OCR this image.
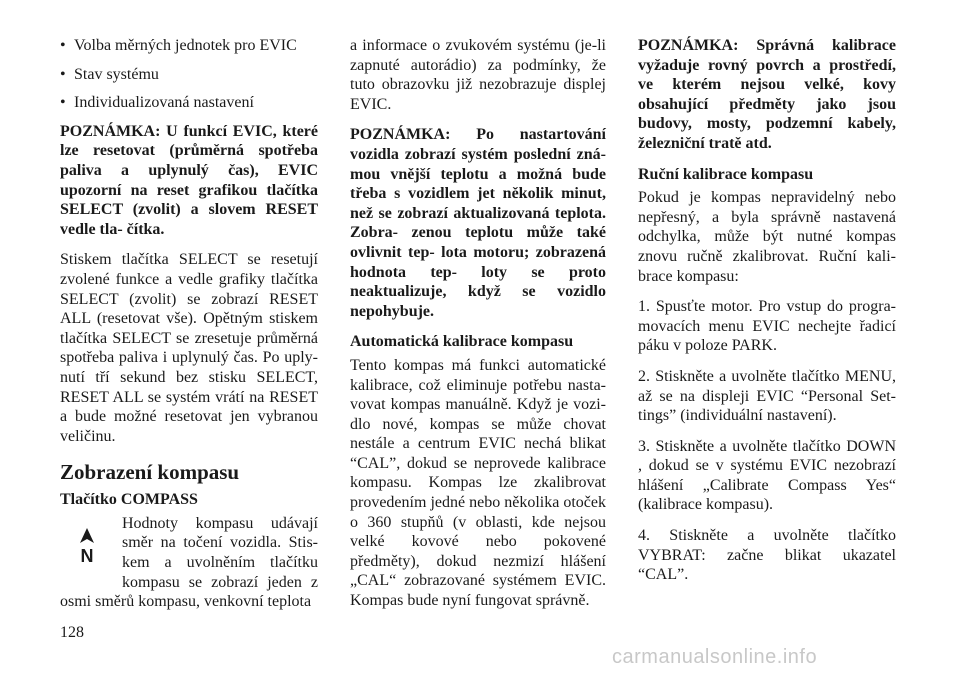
• Volba měrných jednotek pro EVIC

• Stav systému

• Individualizovaná nastavení

POZNÁMKA: U funkcí EVIC, které lze resetovat (průměrná spotřeba paliva a uplynulý čas), EVIC upozorní na reset grafikou tlačítka SELECT (zvolit) a slovem RESET vedle tla- čítka.

Stiskem tlačítka SELECT se resetují zvolené funkce a vedle grafiky tlačítka SELECT (zvolit) se zobrazí RESET ALL (resetovat vše). Opětným stiskem tlačítka SELECT se zresetuje průměrná spotřeba paliva i uplynulý čas. Po uply- nutí tří sekund bez stisku SELECT, RESET ALL se systém vrátí na RESET a bude možné resetovat jen vybranou veličinu.

Zobrazení kompasu
Tlačítko COMPASS
N

Hodnoty kompasu udávají směr na točení vozidla. Stis- kem a uvolněním tlačítku kompasu se zobrazí jeden z osmi směrů kompasu, venkovní teplota

a informace o zvukovém systému (je-li zapnuté autorádio) za podmínky, že tuto obrazovku již nezobrazuje displej EVIC.

POZNÁMKA: Po nastartování vozidla zobrazí systém poslední zná- mou vnější teplotu a možná bude třeba s vozidlem jet několik minut, než se zobrazí aktualizovaná teplota. Zobra- zenou teplotu může také ovlivnit tep- lota motoru; zobrazená hodnota tep- loty se proto neaktualizuje, když se vozidlo nepohybuje.

Automatická kalibrace kompasu

Tento kompas má funkci automatické kalibrace, což eliminuje potřebu nasta- vovat kompas manuálně. Když je vozi- dlo nové, kompas se může chovat nestále a centrum EVIC nechá blikat “CAL”, dokud se neprovede kalibrace kompasu. Kompas lze zkalibrovat provedením jedné nebo několika otoček o 360 stupňů (v oblasti, kde nejsou velké kovové nebo pokovené předměty), dokud nezmizí hlášení „CAL“ zobrazované systémem EVIC. Kompas bude nyní fungovat správně.

POZNÁMKA: Správná kalibrace vyžaduje rovný povrch a prostředí, ve kterém nejsou velké, kovy obsahující předměty jako jsou budovy, mosty, podzemní kabely, železniční tratě atd.

Ruční kalibrace kompasu

Pokud je kompas nepravidelný nebo nepřesný, a byla správně nastavená odchylka, může být nutné kompas znovu ručně zkalibrovat. Ruční kali- brace kompasu:

1. Spusťte motor. Pro vstup do progra- movacích menu EVIC nechejte řadicí páku v poloze PARK.

2. Stiskněte a uvolněte tlačítko MENU, až se na displeji EVIC “Personal Set- tings” (individuální nastavení).

3. Stiskněte a uvolněte tlačítko DOWN , dokud se v systému EVIC nezobrazí hlášení „Calibrate Compass Yes“ (kalibrace kompasu).

4. Stiskněte a uvolněte tlačítko VYBRAT: začne blikat ukazatel “CAL”.

128
carmanualsonline.info
